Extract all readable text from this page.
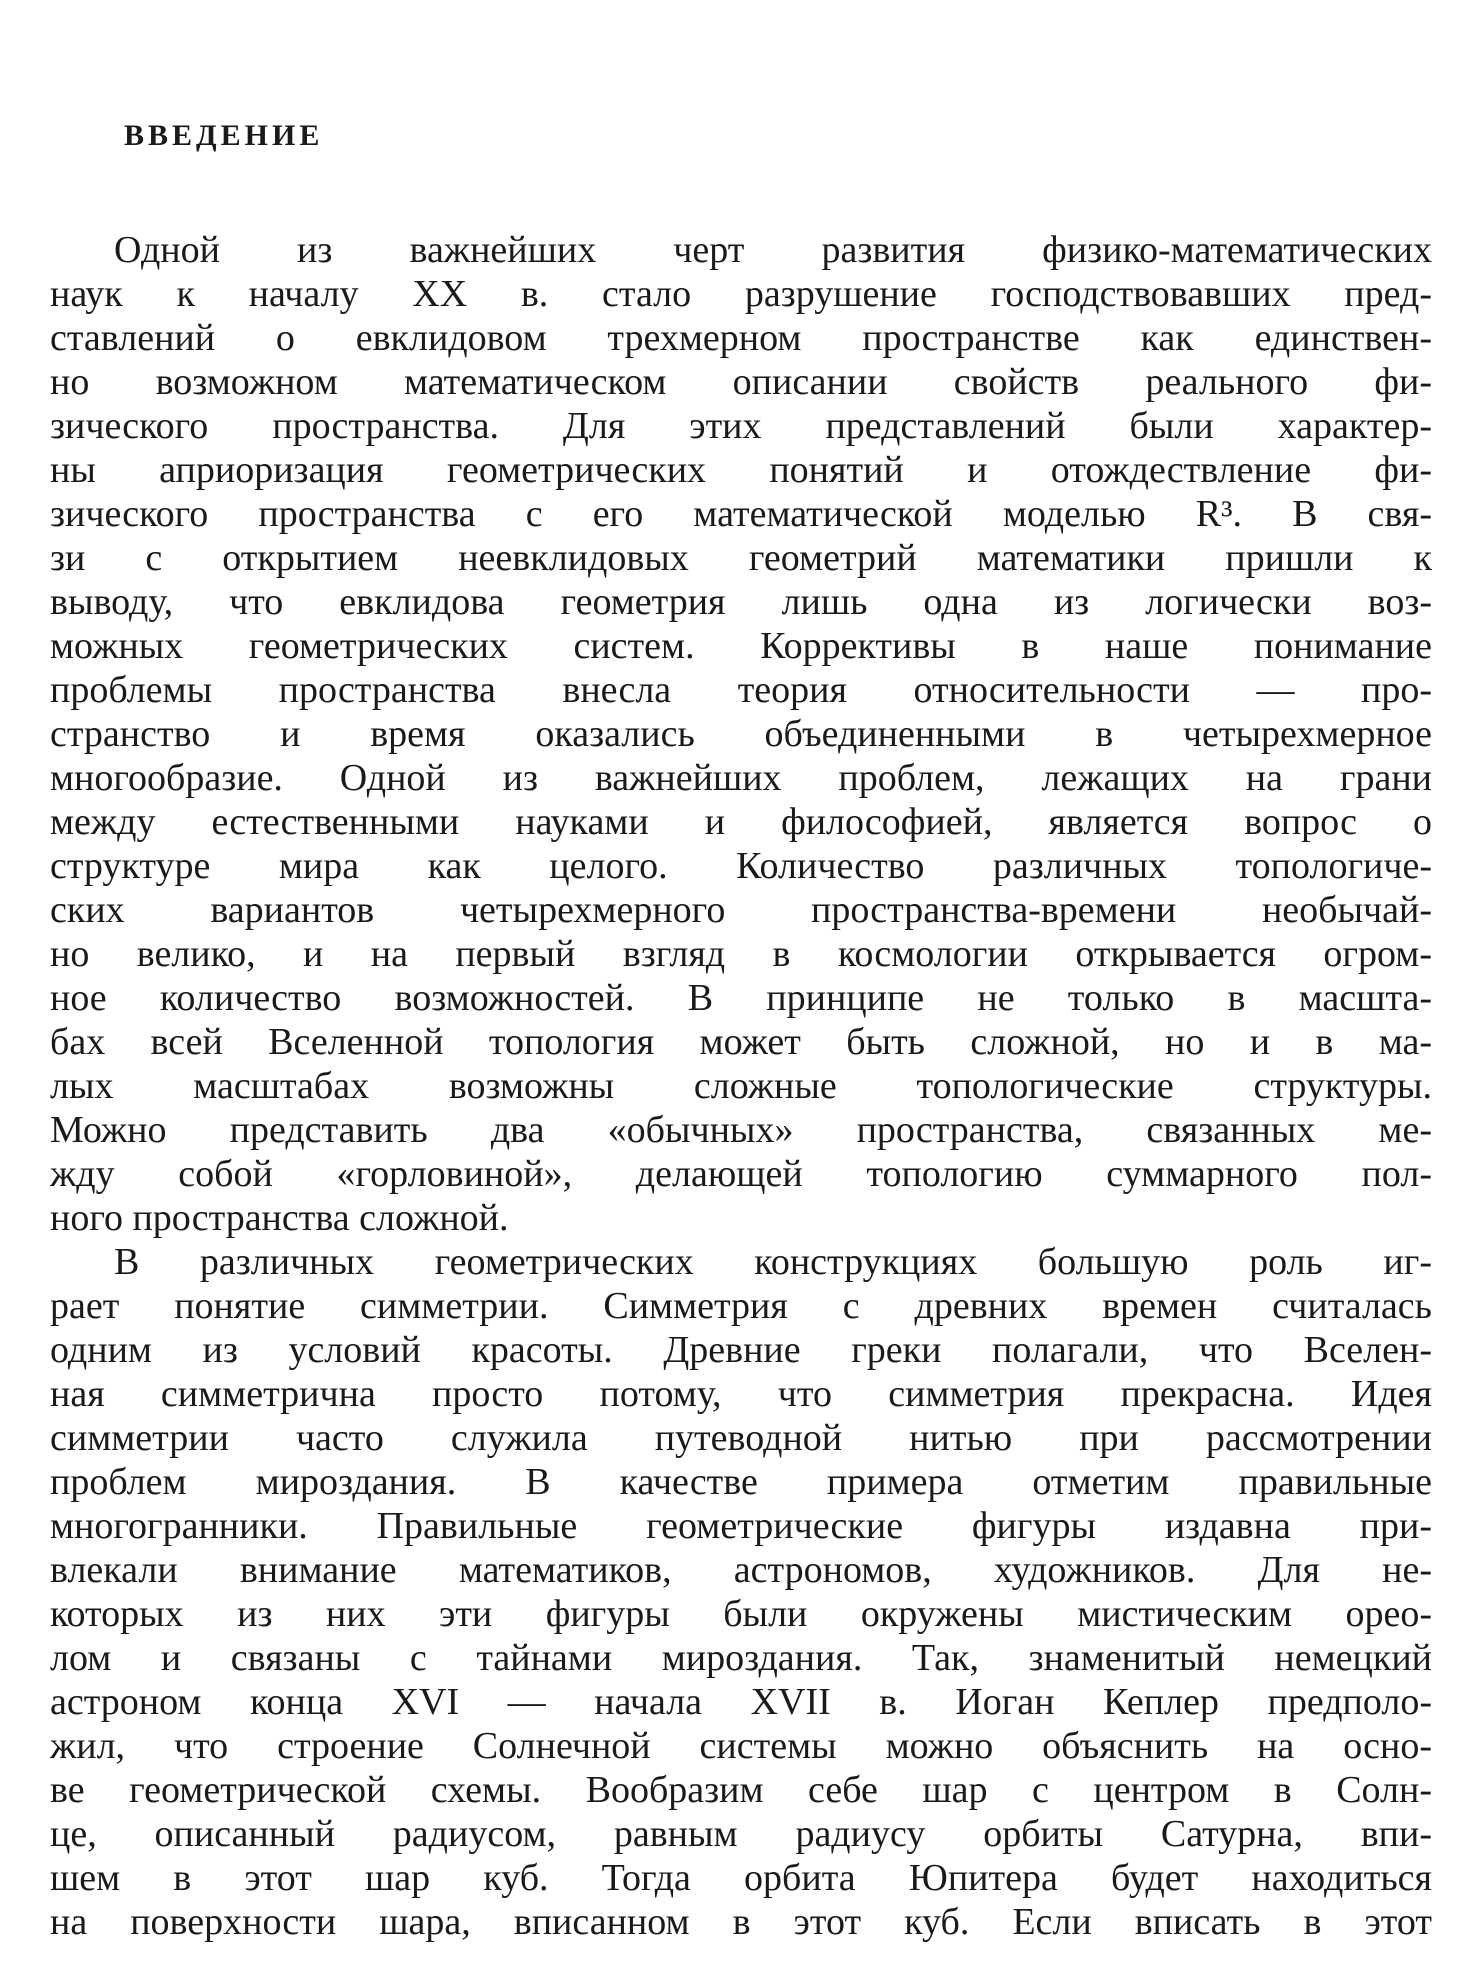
ВВЕДЕНИЕ
Одной из важнейших черт развития физико-математических
наук к началу XX в. стало разрушение господствовавших пред-
ставлений о евклидовом трехмерном пространстве как единствен-
но возможном математическом описании свойств реального фи-
зического пространства. Для этих представлений были характер-
ны априоризация геометрических понятий и отождествление фи-
зического пространства с его математической моделью R³. В свя-
зи с открытием неевклидовых геометрий математики пришли к
выводу, что евклидова геометрия лишь одна из логически воз-
можных геометрических систем. Коррективы в наше понимание
проблемы пространства внесла теория относительности — про-
странство и время оказались объединенными в четырехмерное
многообразие. Одной из важнейших проблем, лежащих на грани
между естественными науками и философией, является вопрос о
структуре мира как целого. Количество различных топологиче-
ских вариантов четырехмерного пространства-времени необычай-
но велико, и на первый взгляд в космологии открывается огром-
ное количество возможностей. В принципе не только в масшта-
бах всей Вселенной топология может быть сложной, но и в ма-
лых масштабах возможны сложные топологические структуры.
Можно представить два «обычных» пространства, связанных ме-
жду собой «горловиной», делающей топологию суммарного пол-
ного пространства сложной.
В различных геометрических конструкциях большую роль иг-
рает понятие симметрии. Симметрия с древних времен считалась
одним из условий красоты. Древние греки полагали, что Вселен-
ная симметрична просто потому, что симметрия прекрасна. Идея
симметрии часто служила путеводной нитью при рассмотрении
проблем мироздания. В качестве примера отметим правильные
многогранники. Правильные геометрические фигуры издавна при-
влекали внимание математиков, астрономов, художников. Для не-
которых из них эти фигуры были окружены мистическим ореo-
лом и связаны с тайнами мироздания. Так, знаменитый немецкий
астроном конца XVI — начала XVII в. Иоган Кеплер предполо-
жил, что строение Солнечной системы можно объяснить на осно-
ве геометрической схемы. Вообразим себе шар с центром в Солн-
це, описанный радиусом, равным радиусу орбиты Сатурна, впи-
шем в этот шар куб. Тогда орбита Юпитера будет находиться
на поверхности шара, вписанном в этот куб. Если вписать в этот
